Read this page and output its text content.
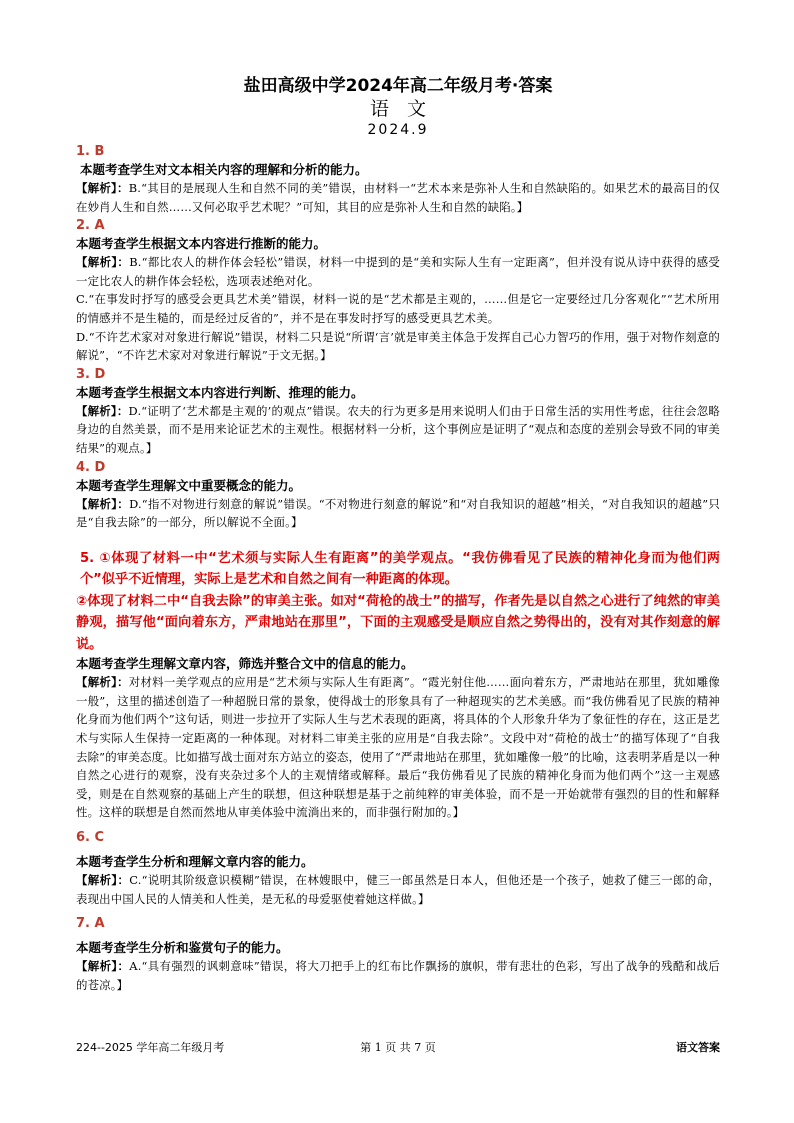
盐田高级中学2024年高二年级月考·答案
语文
2024.9
1. B
本题考查学生对文本相关内容的理解和分析的能力。
【解析】：B.“其目的是展现人生和自然不同的美”错误，由材料一“艺术本来是弥补人生和自然缺陷的。如果艺术的最高目的仅在妙肖人生和自然……又何必取乎艺术呢？”可知，其目的应是弥补人生和自然的缺陷。】
2. A
本题考查学生根据文本内容进行推断的能力。
【解析】：B.“都比农人的耕作体会轻松”错误，材料一中提到的是“美和实际人生有一定距离”，但并没有说从诗中获得的感受一定比农人的耕作体会轻松，选项表述绝对化。
C.“在事发时抒写的感受会更具艺术美”错误，材料一说的是“艺术都是主观的，……但是它一定要经过几分客观化”“艺术所用的情感并不是生糙的，而是经过反省的”，并不是在事发时抒写的感受更具艺术美。
D.“不许艺术家对对象进行解说”错误，材料二只是说“所谓‘言’就是审美主体急于发挥自己心力智巧的作用，强于对物作刻意的解说”，“不许艺术家对对象进行解说”于文无据。】
3. D
本题考查学生根据文本内容进行判断、推理的能力。
【解析】：D.“证明了‘艺术都是主观的’的观点”错误。农夫的行为更多是用来说明人们由于日常生活的实用性考虑，往往会忽略身边的自然美景，而不是用来论证艺术的主观性。根据材料一分析，这个事例应是证明了“观点和态度的差别会导致不同的审美结果”的观点。】
4. D
本题考查学生理解文中重要概念的能力。
【解析】：D.“指不对物进行刻意的解说”错误。“不对物进行刻意的解说”和“对自我知识的超越”相关，“对自我知识的超越”只是“自我去除”的一部分，所以解说不全面。】
5. ①体现了材料一中“艺术须与实际人生有距离”的美学观点。“我仿佛看见了民族的精神化身而为他们两个”似乎不近情理，实际上是艺术和自然之间有一种距离的体现。
②体现了材料二中“自我去除”的审美主张。如对“荷枪的战士”的描写，作者先是以自然之心进行了纯然的审美静观，描写他“面向着东方，严肃地站在那里”，下面的主观感受是顺应自然之势得出的，没有对其作刻意的解说。
本题考查学生理解文章内容，筛选并整合文中的信息的能力。
【解析】：对材料一美学观点的应用是“艺术须与实际人生有距离”。“霞光射住他……面向着东方，严肃地站在那里，犹如雕像一般”，这里的描述创造了一种超脱日常的景象，使得战士的形象具有了一种超现实的艺术美感。而“我仿佛看见了民族的精神化身而为他们两个”这句话，则进一步拉开了实际人生与艺术表现的距离，将具体的个人形象升华为了象征性的存在，这正是艺术与实际人生保持一定距离的一种体现。对材料二审美主张的应用是“自我去除”。文段中对“荷枪的战士”的描写体现了“自我去除”的审美态度。比如描写战士面对东方站立的姿态，使用了“严肃地站在那里，犹如雕像一般”的比喻，这表明茅盾是以一种自然之心进行的观察，没有夹杂过多个人的主观情绪或解释。最后“我仿佛看见了民族的精神化身而为他们两个”这一主观感受，则是在自然观察的基础上产生的联想，但这种联想是基于之前纯粹的审美体验，而不是一开始就带有强烈的目的性和解释性。这样的联想是自然而然地从审美体验中流淌出来的，而非强行附加的。】
6. C
本题考查学生分析和理解文章内容的能力。
【解析】：C.“说明其阶级意识模糊”错误，在林嫂眼中，健三一郎虽然是日本人，但他还是一个孩子，她救了健三一郎的命，表现出中国人民的人情美和人性美，是无私的母爱驱使着她这样做。】
7. A
本题考查学生分析和鉴赏句子的能力。
【解析】：A.“具有强烈的讽刺意味”错误，将大刀把手上的红布比作飘扬的旗帜，带有悲壮的色彩，写出了战争的残酷和战后的苍凉。】
224--2025 学年高二年级月考	第 1 页 共 7 页	语文答案
